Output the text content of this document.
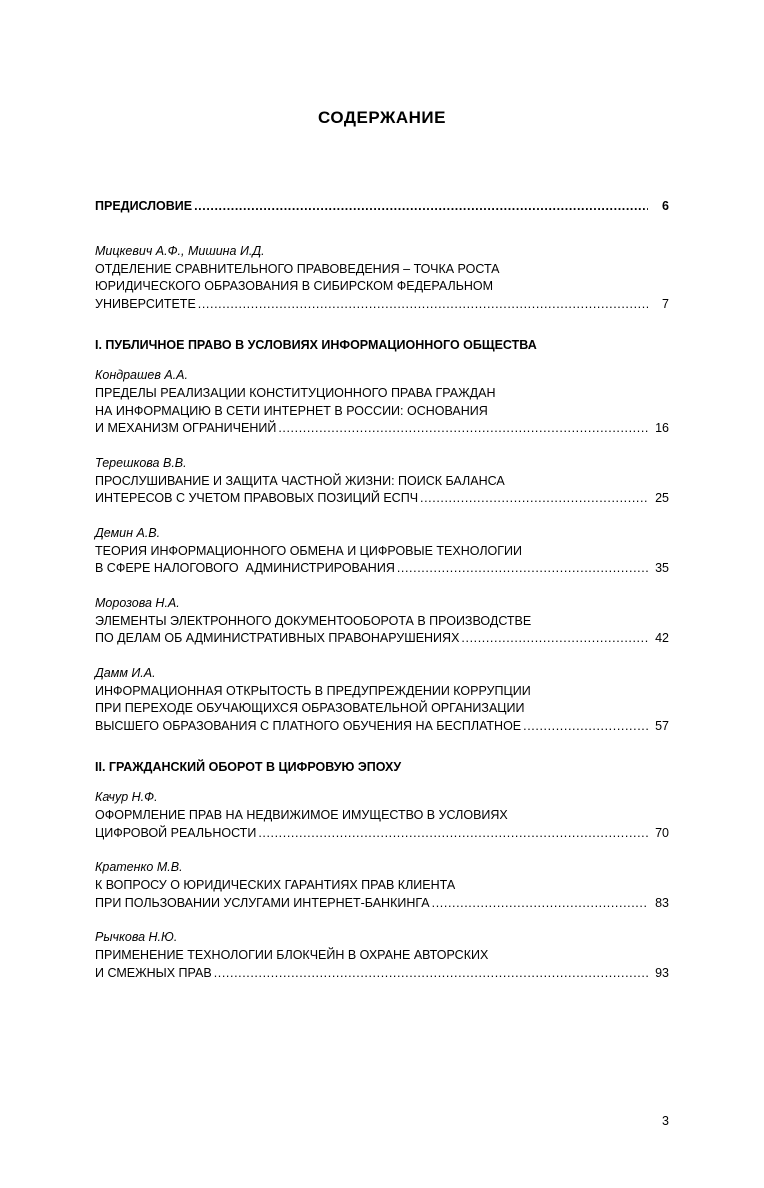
СОДЕРЖАНИЕ
ПРЕДИСЛОВИЕ .....	6
Мицкевич А.Ф., Мишина И.Д.
ОТДЕЛЕНИЕ СРАВНИТЕЛЬНОГО ПРАВОВЕДЕНИЯ – ТОЧКА РОСТА
ЮРИДИЧЕСКОГО ОБРАЗОВАНИЯ В СИБИРСКОМ ФЕДЕРАЛЬНОМ
УНИВЕРСИТЕТЕ .....	7
I. ПУБЛИЧНОЕ ПРАВО В УСЛОВИЯХ ИНФОРМАЦИОННОГО ОБЩЕСТВА
Кондрашев А.А.
ПРЕДЕЛЫ РЕАЛИЗАЦИИ КОНСТИТУЦИОННОГО ПРАВА ГРАЖДАН
НА ИНФОРМАЦИЮ В СЕТИ ИНТЕРНЕТ В РОССИИ: ОСНОВАНИЯ
И МЕХАНИЗМ ОГРАНИЧЕНИЙ .....	16
Терешкова В.В.
ПРОСЛУШИВАНИЕ И ЗАЩИТА ЧАСТНОЙ ЖИЗНИ: ПОИСК БАЛАНСА
ИНТЕРЕСОВ С УЧЕТОМ ПРАВОВЫХ ПОЗИЦИЙ ЕСПЧ .....	25
Демин А.В.
ТЕОРИЯ ИНФОРМАЦИОННОГО ОБМЕНА И ЦИФРОВЫЕ ТЕХНОЛОГИИ
В СФЕРЕ НАЛОГОВОГО  АДМИНИСТРИРОВАНИЯ .....	35
Морозова Н.А.
ЭЛЕМЕНТЫ ЭЛЕКТРОННОГО ДОКУМЕНТООБОРОТА В ПРОИЗВОДСТВЕ
ПО ДЕЛАМ ОБ АДМИНИСТРАТИВНЫХ ПРАВОНАРУШЕНИЯХ .....	42
Дамм И.А.
ИНФОРМАЦИОННАЯ ОТКРЫТОСТЬ В ПРЕДУПРЕЖДЕНИИ КОРРУПЦИИ
ПРИ ПЕРЕХОДЕ ОБУЧАЮЩИХСЯ ОБРАЗОВАТЕЛЬНОЙ ОРГАНИЗАЦИИ
ВЫСШЕГО ОБРАЗОВАНИЯ С ПЛАТНОГО ОБУЧЕНИЯ НА БЕСПЛАТНОЕ .....	57
II. ГРАЖДАНСКИЙ ОБОРОТ В ЦИФРОВУЮ ЭПОХУ
Качур Н.Ф.
ОФОРМЛЕНИЕ ПРАВ НА НЕДВИЖИМОЕ ИМУЩЕСТВО В УСЛОВИЯХ
ЦИФРОВОЙ РЕАЛЬНОСТИ .....	70
Кратенко М.В.
К ВОПРОСУ О ЮРИДИЧЕСКИХ ГАРАНТИЯХ ПРАВ КЛИЕНТА
ПРИ ПОЛЬЗОВАНИИ УСЛУГАМИ ИНТЕРНЕТ-БАНКИНГА .....	83
Рычкова Н.Ю.
ПРИМЕНЕНИЕ ТЕХНОЛОГИИ БЛОКЧЕЙН В ОХРАНЕ АВТОРСКИХ
И СМЕЖНЫХ ПРАВ .....	93
3
